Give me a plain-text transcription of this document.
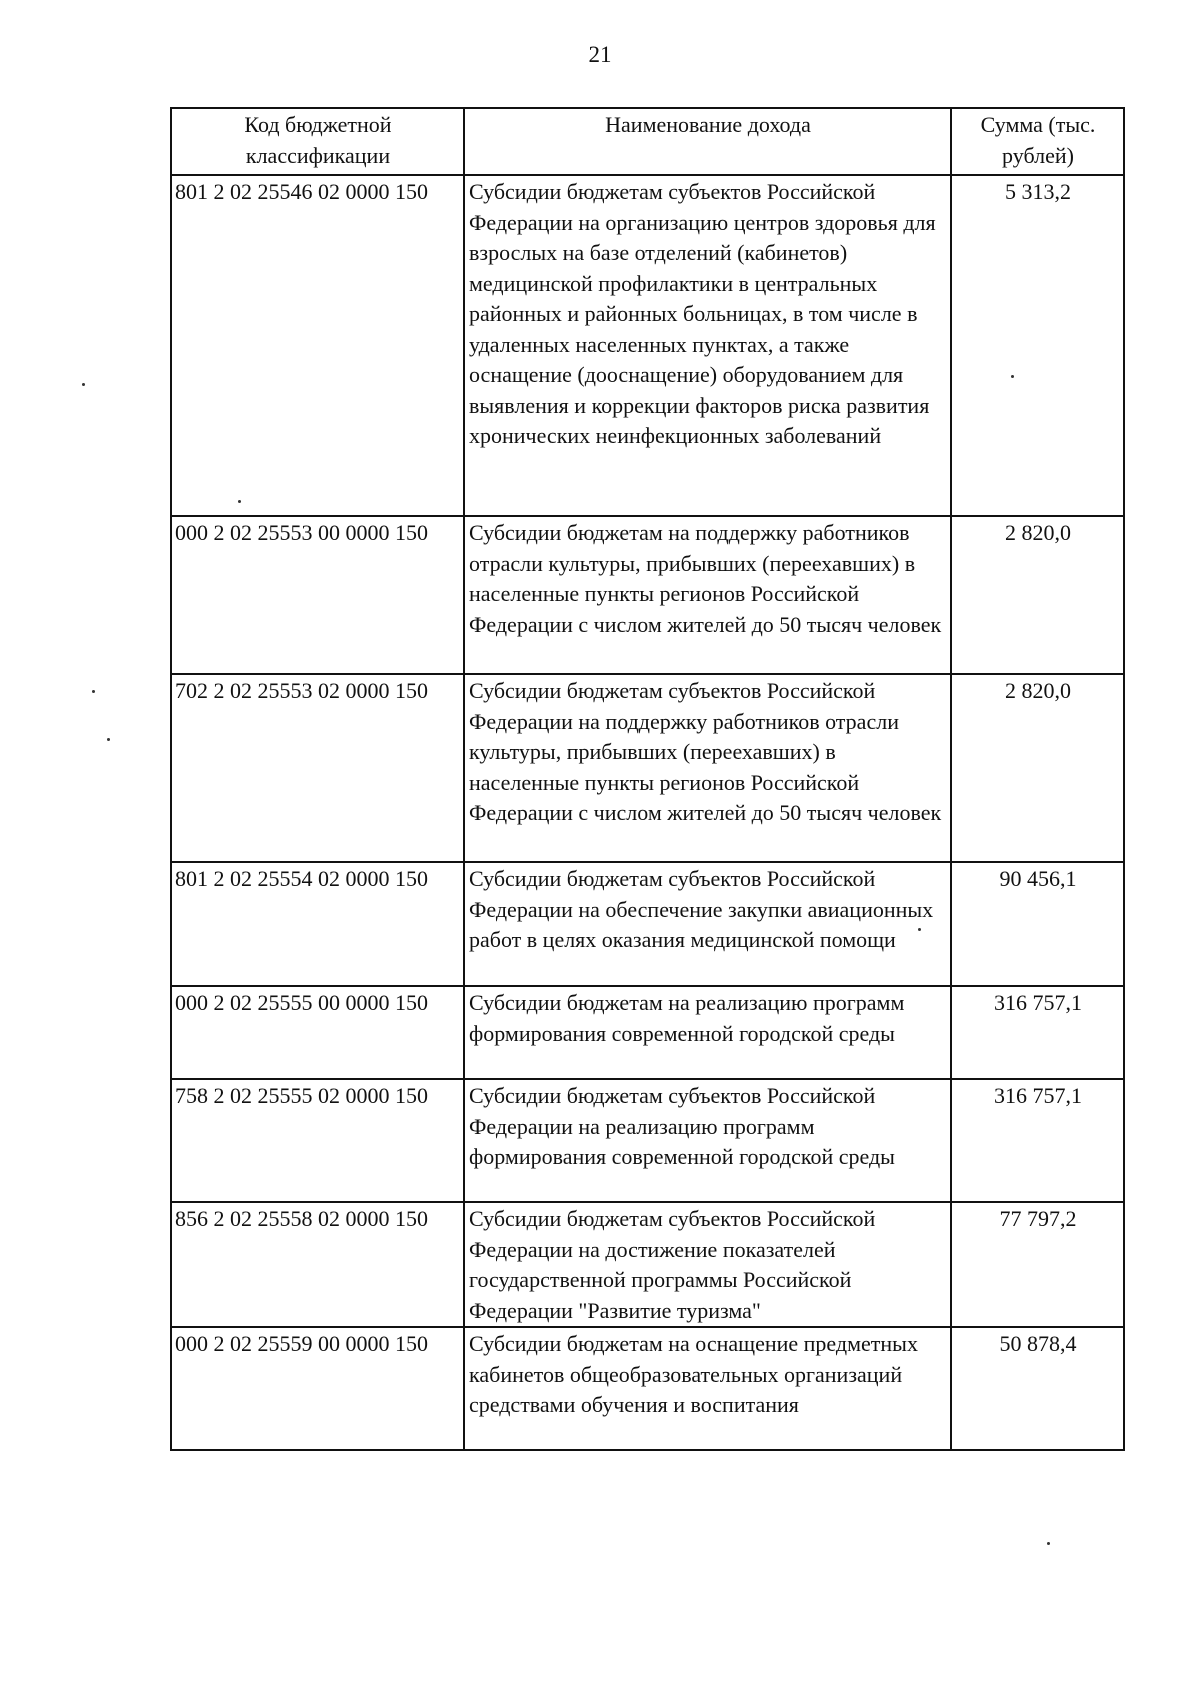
21
Код бюджетной классификации	Наименование дохода	Сумма (тыс. рублей)
801 2 02 25546 02 0000 150	Субсидии бюджетам субъектов Российской Федерации на организацию центров здоровья для взрослых на базе отделений (кабинетов) медицинской профилактики в центральных районных и районных больницах, в том числе в удаленных населенных пунктах, а также оснащение (дооснащение) оборудованием для выявления и коррекции факторов риска развития хронических неинфекционных заболеваний	5 313,2
000 2 02 25553 00 0000 150	Субсидии бюджетам на поддержку работников отрасли культуры, прибывших (переехавших) в населенные пункты регионов Российской Федерации с числом жителей до 50 тысяч человек	2 820,0
702 2 02 25553 02 0000 150	Субсидии бюджетам субъектов Российской Федерации на поддержку работников отрасли культуры, прибывших (переехавших) в населенные пункты регионов Российской Федерации с числом жителей до 50 тысяч человек	2 820,0
801 2 02 25554 02 0000 150	Субсидии бюджетам субъектов Российской Федерации на обеспечение закупки авиационных работ в целях оказания медицинской помощи	90 456,1
000 2 02 25555 00 0000 150	Субсидии бюджетам на реализацию программ формирования современной городской среды	316 757,1
758 2 02 25555 02 0000 150	Субсидии бюджетам субъектов Российской Федерации на реализацию программ формирования современной городской среды	316 757,1
856 2 02 25558 02 0000 150	Субсидии бюджетам субъектов Российской Федерации на достижение показателей государственной программы Российской Федерации "Развитие туризма"	77 797,2
000 2 02 25559 00 0000 150	Субсидии бюджетам на оснащение предметных кабинетов общеобразовательных организаций средствами обучения и воспитания	50 878,4
